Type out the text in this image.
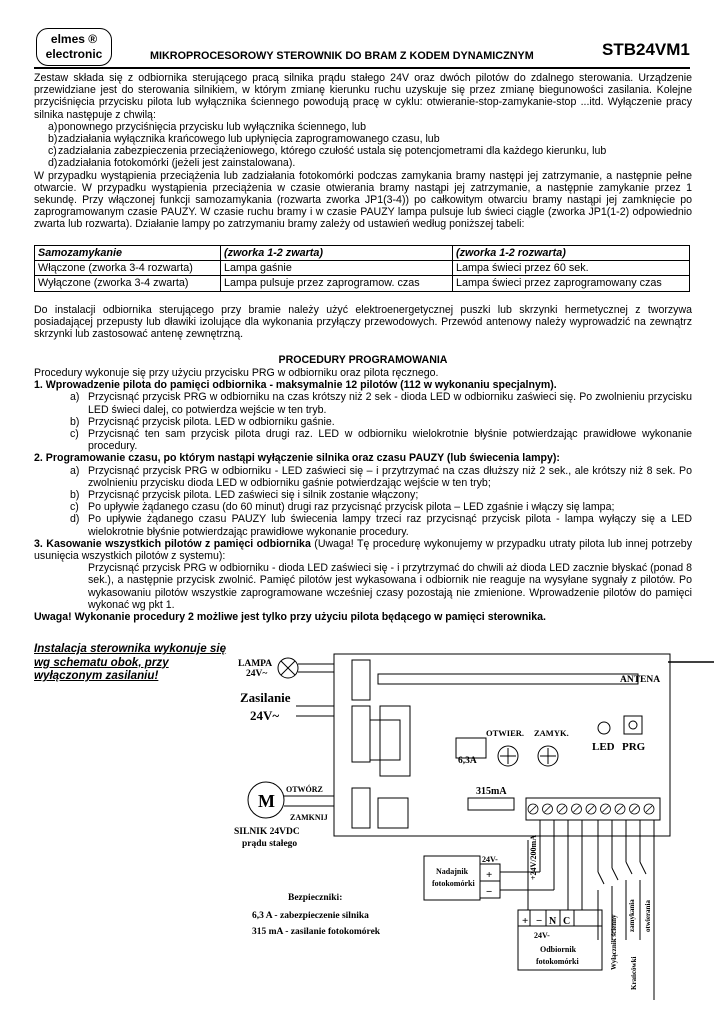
elmes ®
electronic	MIKROPROCESOROWY STEROWNIK DO BRAM Z KODEM DYNAMICZNYM	STB24VM1

Zestaw składa się z odbiornika sterującego pracą silnika prądu stałego 24V oraz dwóch pilotów do zdalnego sterowania. Urządzenie przewidziane jest do sterowania silnikiem, w którym zmianę kierunku ruchu uzyskuje się przez zmianę biegunowości zasilania. Kolejne przyciśnięcia przycisku pilota lub wyłącznika ściennego powodują pracę w cyklu: otwieranie-stop-zamykanie-stop ...itd. Wyłączenie pracy silnika następuje z chwilą:

a) ponownego przyciśnięcia przycisku lub wyłącznika ściennego, lub
b) zadziałania wyłącznika krańcowego lub upłynięcia zaprogramowanego czasu, lub
c) zadziałania zabezpieczenia przeciążeniowego, którego czułość ustala się potencjometrami dla każdego kierunku, lub
d) zadziałania fotokomórki (jeżeli jest zainstalowana).

W przypadku wystąpienia przeciążenia lub zadziałania fotokomórki podczas zamykania bramy następi jej zatrzymanie, a następnie pełne otwarcie. W przypadku wystąpienia przeciążenia w czasie otwierania bramy nastąpi jej zatrzymanie, a następnie zamykanie przez 1 sekundę. Przy włączonej funkcji samozamykania (rozwarta zworka JP1(3-4)) po całkowitym otwarciu bramy nastąpi jej zamknięcie po zaprogramowanym czasie PAUZY. W czasie ruchu bramy i w czasie PAUZY lampa pulsuje lub świeci ciągle (zworka JP1(1-2) odpowiednio zwarta lub rozwarta). Działanie lampy po zatrzymaniu bramy zależy od ustawień według poniższej tabeli:

Samozamykanie	(zworka 1-2 zwarta)	(zworka 1-2 rozwarta)
Włączone (zworka 3-4 rozwarta)	Lampa gaśnie	Lampa świeci przez 60 sek.
Wyłączone (zworka 3-4 zwarta)	Lampa pulsuje przez zaprogramow. czas	Lampa świeci przez zaprogramowany czas

Do instalacji odbiornika sterującego przy bramie należy użyć elektroenergetycznej puszki lub skrzynki hermetycznej z tworzywa posiadającej przepusty lub dławiki izolujące dla wykonania przyłączy przewodowych. Przewód antenowy należy wyprowadzić na zewnątrz skrzynki lub zastosować antenę zewnętrzną.

PROCEDURY PROGRAMOWANIA

Procedury wykonuje się przy użyciu przycisku PRG w odbiorniku oraz pilota ręcznego.

1. Wprowadzenie pilota do pamięci odbiornika - maksymalnie 12 pilotów (112 w wykonaniu specjalnym).

a) Przycisnąć przycisk PRG w odbiorniku na czas krótszy niż 2 sek - dioda LED w odbiorniku zaświeci się. Po zwolnieniu przycisku LED świeci dalej, co potwierdza wejście w ten tryb.
b) Przycisnąć przycisk pilota. LED w odbiorniku gaśnie.
c) Przycisnąć ten sam przycisk pilota drugi raz. LED w odbiorniku wielokrotnie błyśnie potwierdzając prawidłowe wykonanie procedury.

2. Programowanie czasu, po którym nastąpi wyłączenie silnika oraz czasu PAUZY (lub świecenia lampy):

a) Przycisnąć przycisk PRG w odbiorniku - LED zaświeci się – i przytrzymać na czas dłuższy niż 2 sek., ale krótszy niż 8 sek. Po zwolnieniu przycisku dioda LED w odbiorniku gaśnie potwierdzając wejście w ten tryb;
b) Przycisnąć przycisk pilota. LED zaświeci się i silnik zostanie włączony;
c) Po upływie żądanego czasu (do 60 minut) drugi raz przycisnąć przycisk pilota – LED zgaśnie i włączy się lampa;
d) Po upływie żądanego czasu PAUZY lub świecenia lampy trzeci raz przycisnąć przycisk pilota - lampa wyłączy się a LED wielokrotnie błyśnie potwierdzając prawidłowe wykonanie procedury.

3. Kasowanie wszystkich pilotów z pamięci odbiornika (Uwaga! Tę procedurę wykonujemy w przypadku utraty pilota lub innej potrzeby usunięcia wszystkich pilotów z systemu):

Przycisnąć przycisk PRG w odbiorniku - dioda LED zaświeci się - i przytrzymać do chwili aż dioda LED zacznie błyskać (ponad 8 sek.), a następnie przycisk zwolnić. Pamięć pilotów jest wykasowana i odbiornik nie reaguje na wysyłane sygnały z pilotów. Po wykasowaniu pilotów wszystkie zaprogramowane wcześniej czasy pozostają nie zmienione. Wprowadzenie pilotów do pamięci wykonać wg pkt 1.

Uwaga! Wykonanie procedury 2 możliwe jest tylko przy użyciu pilota będącego w pamięci sterownika.

Instalacja sterownika wykonuje się wg schematu obok, przy wyłączonym zasilaniu!
LAMPA
24V~
Zasilanie
24V~
ANTENA
OTWIER. ZAMYK.
LED PRG
6,3A
315mA
M
OTWÓRZ
ZAMKNIJ
SILNIK 24VDC
prądu stałego	+24V/200mA
Nadajnik
fotokomórki
24V-
+
−
+ − N C
24V-
Odbiornik
fotokomórki	Wyłącznik ścienny zamykania otwierania
Krańcówki
Bezpieczniki:
6,3 A - zabezpieczenie silnika
315 mA - zasilanie fotokomórek
